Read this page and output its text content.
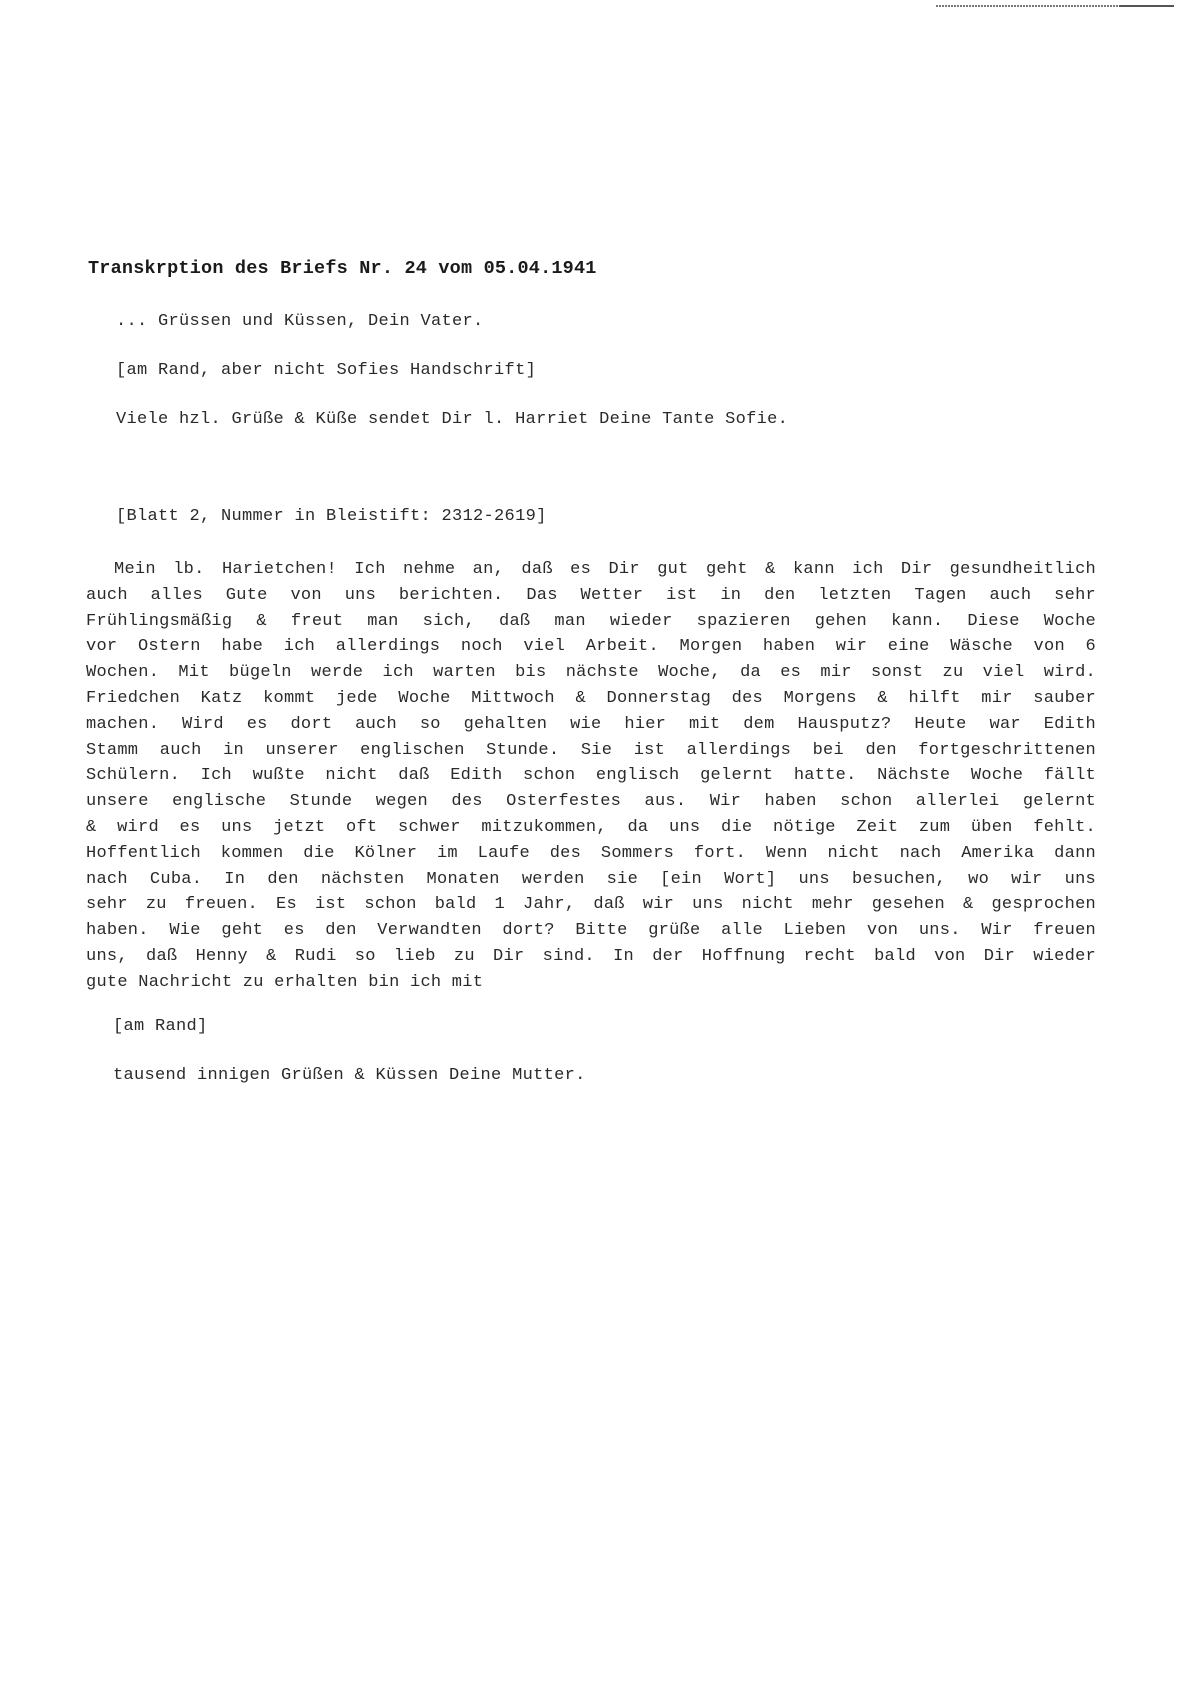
Transkrption des Briefs Nr. 24 vom 05.04.1941
... Grüssen und Küssen, Dein Vater.
[am Rand, aber nicht Sofies Handschrift]
Viele hzl. Grüße & Küße sendet Dir l. Harriet Deine Tante Sofie.
[Blatt 2, Nummer in Bleistift: 2312-2619]
Mein lb. Harietchen! Ich nehme an, daß es Dir gut geht & kann ich Dir gesundheitlich
auch alles Gute von uns berichten. Das Wetter ist in den letzten Tagen auch sehr
Frühlingsmäßig & freut man sich, daß man wieder spazieren gehen kann. Diese Woche
vor Ostern habe ich allerdings noch viel Arbeit. Morgen haben wir eine Wäsche von 6
Wochen. Mit bügeln werde ich warten bis nächste Woche, da es mir sonst zu viel wird.
Friedchen Katz kommt jede Woche Mittwoch & Donnerstag des Morgens & hilft mir sauber
machen. Wird es dort auch so gehalten wie hier mit dem Hausputz? Heute war Edith
Stamm auch in unserer englischen Stunde. Sie ist allerdings bei den fortgeschrittenen
Schülern. Ich wußte nicht daß Edith schon englisch gelernt hatte. Nächste Woche fällt
unsere englische Stunde wegen des Osterfestes aus. Wir haben schon allerlei gelernt
& wird es uns jetzt oft schwer mitzukommen, da uns die nötige Zeit zum üben fehlt.
Hoffentlich kommen die Kölner im Laufe des Sommers fort. Wenn nicht nach Amerika dann
nach Cuba. In den nächsten Monaten werden sie [ein Wort] uns besuchen, wo wir uns
sehr zu freuen. Es ist schon bald 1 Jahr, daß wir uns nicht mehr gesehen & gesprochen
haben. Wie geht es den Verwandten dort? Bitte grüße alle Lieben von uns. Wir freuen
uns, daß Henny & Rudi so lieb zu Dir sind. In der Hoffnung recht bald von Dir wieder
gute Nachricht zu erhalten bin ich mit
[am Rand]
tausend innigen Grüßen & Küssen Deine Mutter.
